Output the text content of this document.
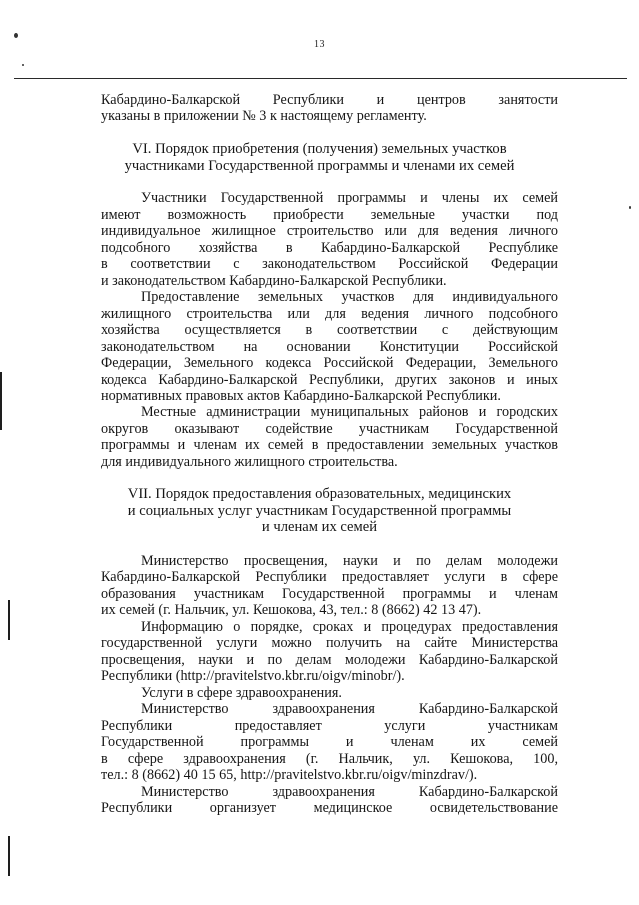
13
Кабардино-Балкарской Республики и центров занятости
указаны в приложении № 3 к настоящему регламенту.
VI. Порядок приобретения (получения) земельных участков
участниками Государственной программы и членами их семей
Участники Государственной программы и члены их семей
имеют возможность приобрести земельные участки под
индивидуальное жилищное строительство или для ведения личного
подсобного хозяйства в Кабардино-Балкарской Республике
в соответствии с законодательством Российской Федерации
и законодательством Кабардино-Балкарской Республики.
Предоставление земельных участков для индивидуального
жилищного строительства или для ведения личного подсобного
хозяйства осуществляется в соответствии с действующим
законодательством на основании Конституции Российской
Федерации, Земельного кодекса Российской Федерации, Земельного
кодекса Кабардино-Балкарской Республики, других законов и иных
нормативных правовых актов Кабардино-Балкарской Республики.
Местные администрации муниципальных районов и городских
округов оказывают содействие участникам Государственной
программы и членам их семей в предоставлении земельных участков
для индивидуального жилищного строительства.
VII. Порядок предоставления образовательных, медицинских
и социальных услуг участникам Государственной программы
и членам их семей
Министерство просвещения, науки и по делам молодежи
Кабардино-Балкарской Республики предоставляет услуги в сфере
образования участникам Государственной программы и членам
их семей (г. Нальчик, ул. Кешокова, 43, тел.: 8 (8662) 42 13 47).
Информацию о порядке, сроках и процедурах предоставления
государственной услуги можно получить на сайте Министерства
просвещения, науки и по делам молодежи Кабардино-Балкарской
Республики (http://pravitelstvo.kbr.ru/oigv/minobr/).
Услуги в сфере здравоохранения.
Министерство здравоохранения Кабардино-Балкарской
Республики предоставляет услуги участникам
Государственной программы и членам их семей
в сфере здравоохранения (г. Нальчик, ул. Кешокова, 100,
тел.: 8 (8662) 40 15 65, http://pravitelstvo.kbr.ru/oigv/minzdrav/).
Министерство здравоохранения Кабардино-Балкарской
Республики организует медицинское освидетельствование
